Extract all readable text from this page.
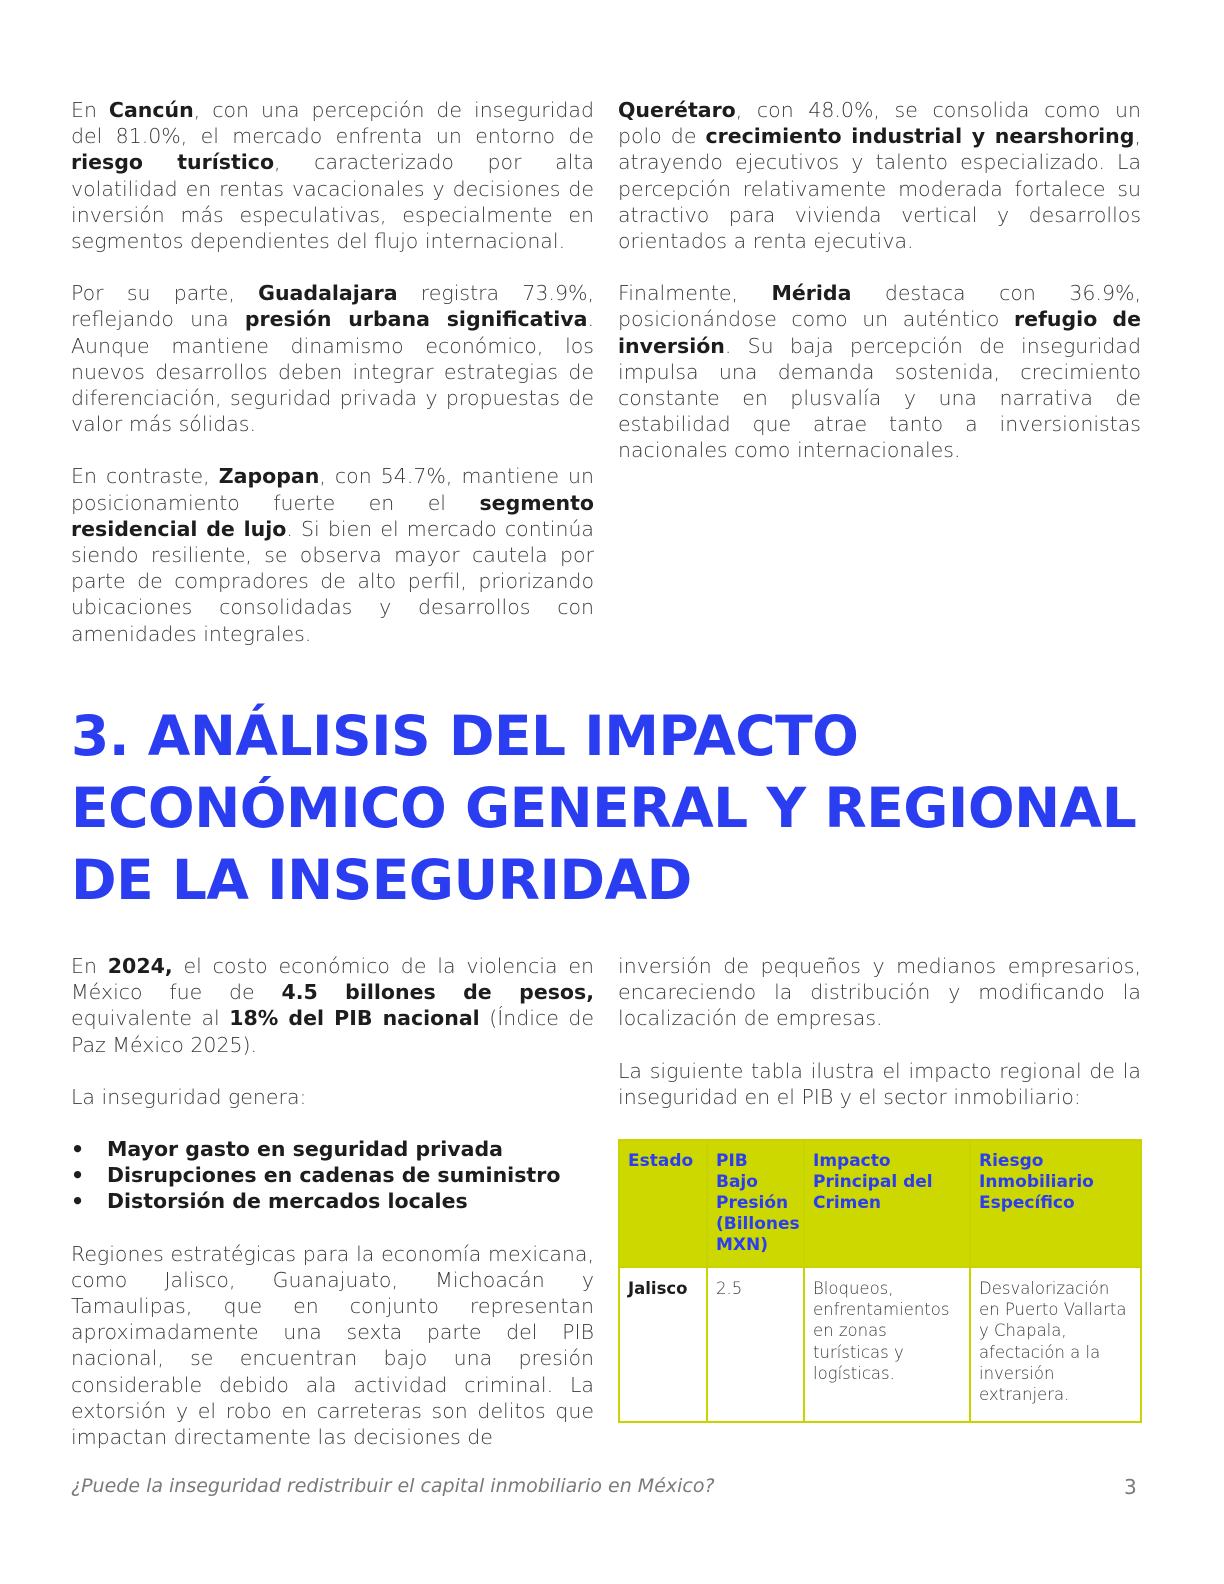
En Cancún, con una percepción de inseguridad del 81.0%, el mercado enfrenta un entorno de riesgo turístico, caracterizado por alta volatilidad en rentas vacacionales y decisiones de inversión más especulativas, especialmente en segmentos dependientes del flujo internacional.

Por su parte, Guadalajara registra 73.9%, reflejando una presión urbana significativa. Aunque mantiene dinamismo económico, los nuevos desarrollos deben integrar estrategias de diferenciación, seguridad privada y propuestas de valor más sólidas.

En contraste, Zapopan, con 54.7%, mantiene un posicionamiento fuerte en el segmento residencial de lujo. Si bien el mercado continúa siendo resiliente, se observa mayor cautela por parte de compradores de alto perfil, priorizando ubicaciones consolidadas y desarrollos con amenidades integrales.

Querétaro, con 48.0%, se consolida como un polo de crecimiento industrial y nearshoring, atrayendo ejecutivos y talento especializado. La percepción relativamente moderada fortalece su atractivo para vivienda vertical y desarrollos orientados a renta ejecutiva.

Finalmente, Mérida destaca con 36.9%, posicionándose como un auténtico refugio de inversión. Su baja percepción de inseguridad impulsa una demanda sostenida, crecimiento constante en plusvalía y una narrativa de estabilidad que atrae tanto a inversionistas nacionales como internacionales.

3. ANÁLISIS DEL IMPACTO ECONÓMICO GENERAL Y REGIONAL DE LA INSEGURIDAD

En 2024, el costo económico de la violencia en México fue de 4.5 billones de pesos, equivalente al 18% del PIB nacional (Índice de Paz México 2025).

La inseguridad genera:

• Mayor gasto en seguridad privada
• Disrupciones en cadenas de suministro
• Distorsión de mercados locales

Regiones estratégicas para la economía mexicana, como Jalisco, Guanajuato, Michoacán y Tamaulipas, que en conjunto representan aproximadamente una sexta parte del PIB nacional, se encuentran bajo una presión considerable debido ala actividad criminal. La extorsión y el robo en carreteras son delitos que impactan directamente las decisiones de

inversión de pequeños y medianos empresarios, encareciendo la distribución y modificando la localización de empresas.

La siguiente tabla ilustra el impacto regional de la inseguridad en el PIB y el sector inmobiliario:

Estado	PIB Bajo Presión (Billones MXN)	Impacto Principal del Crimen	Riesgo Inmobiliario Específico
Jalisco	2.5	Bloqueos, enfrentamientos en zonas turísticas y logísticas.	Desvalorización en Puerto Vallarta y Chapala, afectación a la inversión extranjera.
¿Puede la inseguridad redistribuir el capital inmobiliario en México?	3
